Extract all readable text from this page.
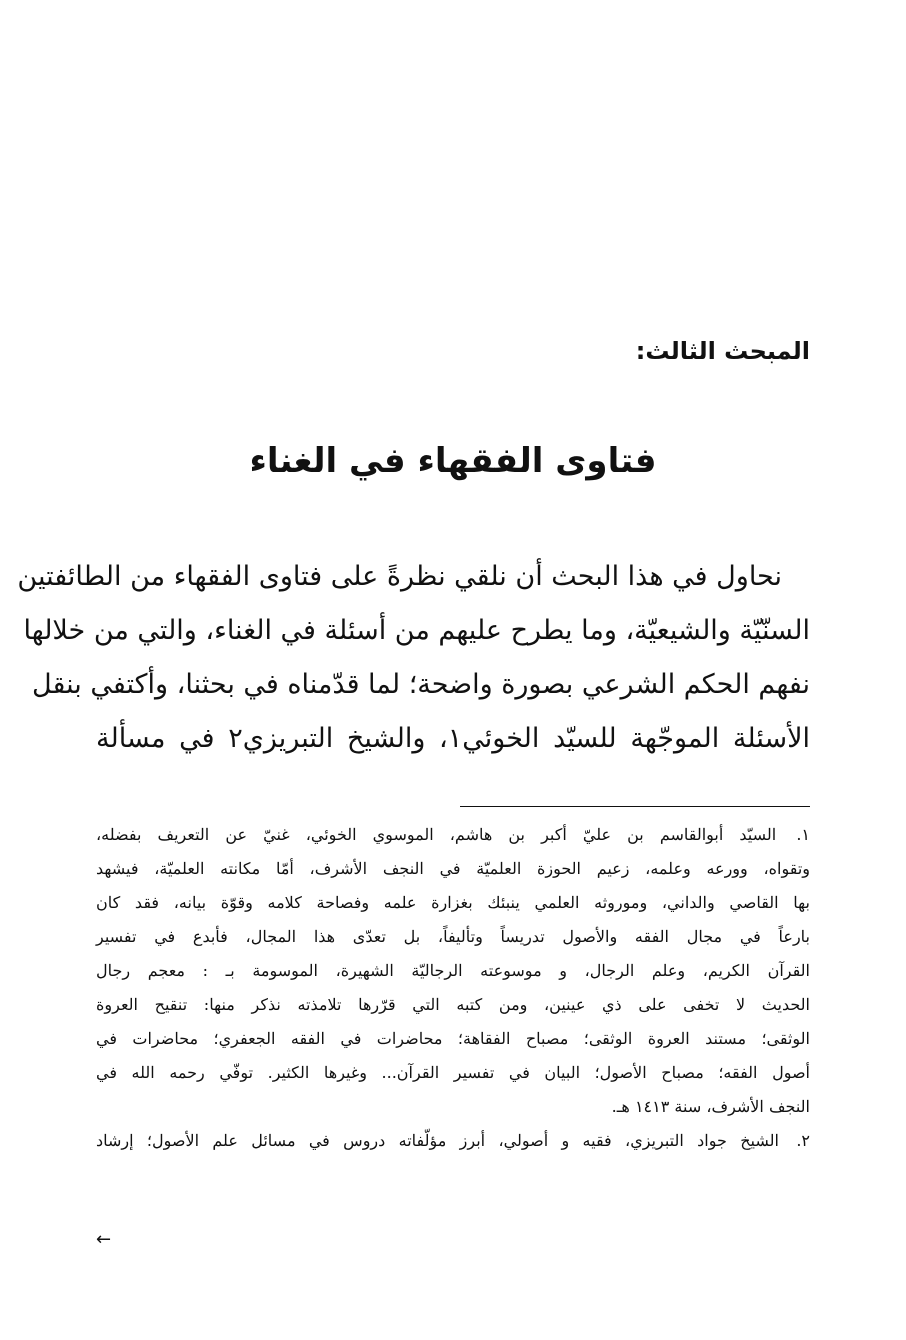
المبحث الثالث:
فتاوى الفقهاء في الغناء

نحاول في هذا البحث أن نلقي نظرةً على فتاوى الفقهاء من الطائفتين
السنّيّة والشيعيّة، وما يطرح عليهم من أسئلة في الغناء، والتي من خلالها
نفهم الحكم الشرعي بصورة واضحة؛ لما قدّمناه في بحثنا، وأكتفي بنقل
الأسئلة الموجّهة للسيّد الخوئي١، والشيخ التبريزي٢ في مسألة

١. السيّد أبوالقاسم بن عليّ أكبر بن هاشم، الموسوي الخوئي، غنيّ عن التعريف بفضله،
وتقواه، وورعه وعلمه، زعيم الحوزة العلميّة في النجف الأشرف، أمّا مكانته العلميّة، فيشهد
بها القاصي والداني، وموروثه العلمي ينبئك بغزارة علمه وفصاحة كلامه وقوّة بيانه، فقد كان
بارعاً في مجال الفقه والأصول تدريساً وتأليفاً، بل تعدّى هذا المجال، فأبدع في تفسير
القرآن الكريم، وعلم الرجال، و موسوعته الرجاليّة الشهيرة، الموسومة بـ : معجم رجال
الحديث لا تخفى على ذي عينين، ومن كتبه التي قرّرها تلامذته نذكر منها: تنقيح العروة
الوثقى؛ مستند العروة الوثقى؛ مصباح الفقاهة؛ محاضرات في الفقه الجعفري؛ محاضرات في
أصول الفقه؛ مصباح الأصول؛ البيان في تفسير القرآن... وغيرها الكثير. توفّي رحمه الله في
النجف الأشرف، سنة ١٤١٣ هـ.
٢. الشيخ جواد التبريزي، فقيه و أصولي، أبرز مؤلّفاته دروس في مسائل علم الأصول؛ إرشاد
←
